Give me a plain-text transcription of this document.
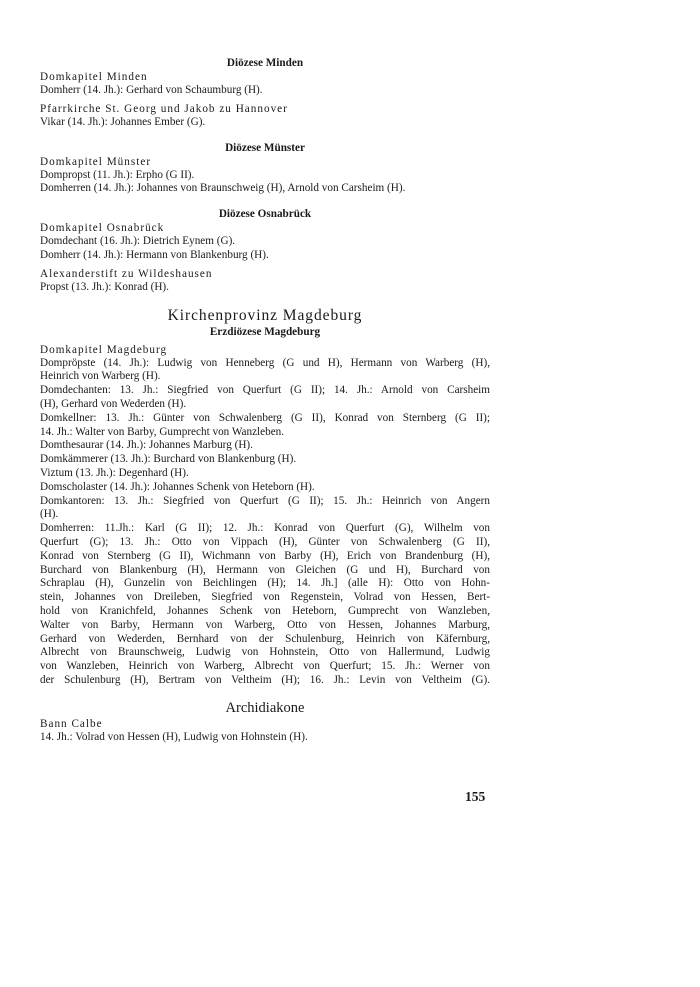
Diözese Minden
Domkapitel Minden
Domherr (14. Jh.): Gerhard von Schaumburg (H).
Pfarrkirche St. Georg und Jakob zu Hannover
Vikar (14. Jh.): Johannes Ember (G).
Diözese Münster
Domkapitel Münster
Dompropst (11. Jh.): Erpho (G II).
Domherren (14. Jh.): Johannes von Braunschweig (H), Arnold von Carsheim (H).
Diözese Osnabrück
Domkapitel Osnabrück
Domdechant (16. Jh.): Dietrich Eynem (G).
Domherr (14. Jh.): Hermann von Blankenburg (H).
Alexanderstift zu Wildeshausen
Propst (13. Jh.): Konrad (H).
Kirchenprovinz Magdeburg
Erzdiözese Magdeburg
Domkapitel Magdeburg
Dompröpste (14. Jh.): Ludwig von Henneberg (G und H), Hermann von Warberg (H),
Heinrich von Warberg (H).
Domdechanten: 13. Jh.: Siegfried von Querfurt (G II); 14. Jh.: Arnold von Carsheim
(H), Gerhard von Wederden (H).
Domkellner: 13. Jh.: Günter von Schwalenberg (G II), Konrad von Sternberg (G II);
14. Jh.: Walter von Barby, Gumprecht von Wanzleben.
Domthesaurar (14. Jh.): Johannes Marburg (H).
Domkämmerer (13. Jh.): Burchard von Blankenburg (H).
Viztum (13. Jh.): Degenhard (H).
Domscholaster (14. Jh.): Johannes Schenk von Heteborn (H).
Domkantoren: 13. Jh.: Siegfried von Querfurt (G II); 15. Jh.: Heinrich von Angern
(H).
Domherren: 11.Jh.: Karl (G II); 12. Jh.: Konrad von Querfurt (G), Wilhelm von
Querfurt (G); 13. Jh.: Otto von Vippach (H), Günter von Schwalenberg (G II),
Konrad von Sternberg (G II), Wichmann von Barby (H), Erich von Brandenburg (H),
Burchard von Blankenburg (H), Hermann von Gleichen (G und H), Burchard von
Schraplau (H), Gunzelin von Beichlingen (H); 14. Jh.] (alle H): Otto von Hohn-
stein, Johannes von Dreileben, Siegfried von Regenstein, Volrad von Hessen, Bert-
hold von Kranichfeld, Johannes Schenk von Heteborn, Gumprecht von Wanzleben,
Walter von Barby, Hermann von Warberg, Otto von Hessen, Johannes Marburg,
Gerhard von Wederden, Bernhard von der Schulenburg, Heinrich von Käfernburg,
Albrecht von Braunschweig, Ludwig von Hohnstein, Otto von Hallermund, Ludwig
von Wanzleben, Heinrich von Warberg, Albrecht von Querfurt; 15. Jh.: Werner von
der Schulenburg (H), Bertram von Veltheim (H); 16. Jh.: Levin von Veltheim (G).
Archidiakone
Bann Calbe
14. Jh.: Volrad von Hessen (H), Ludwig von Hohnstein (H).
155
